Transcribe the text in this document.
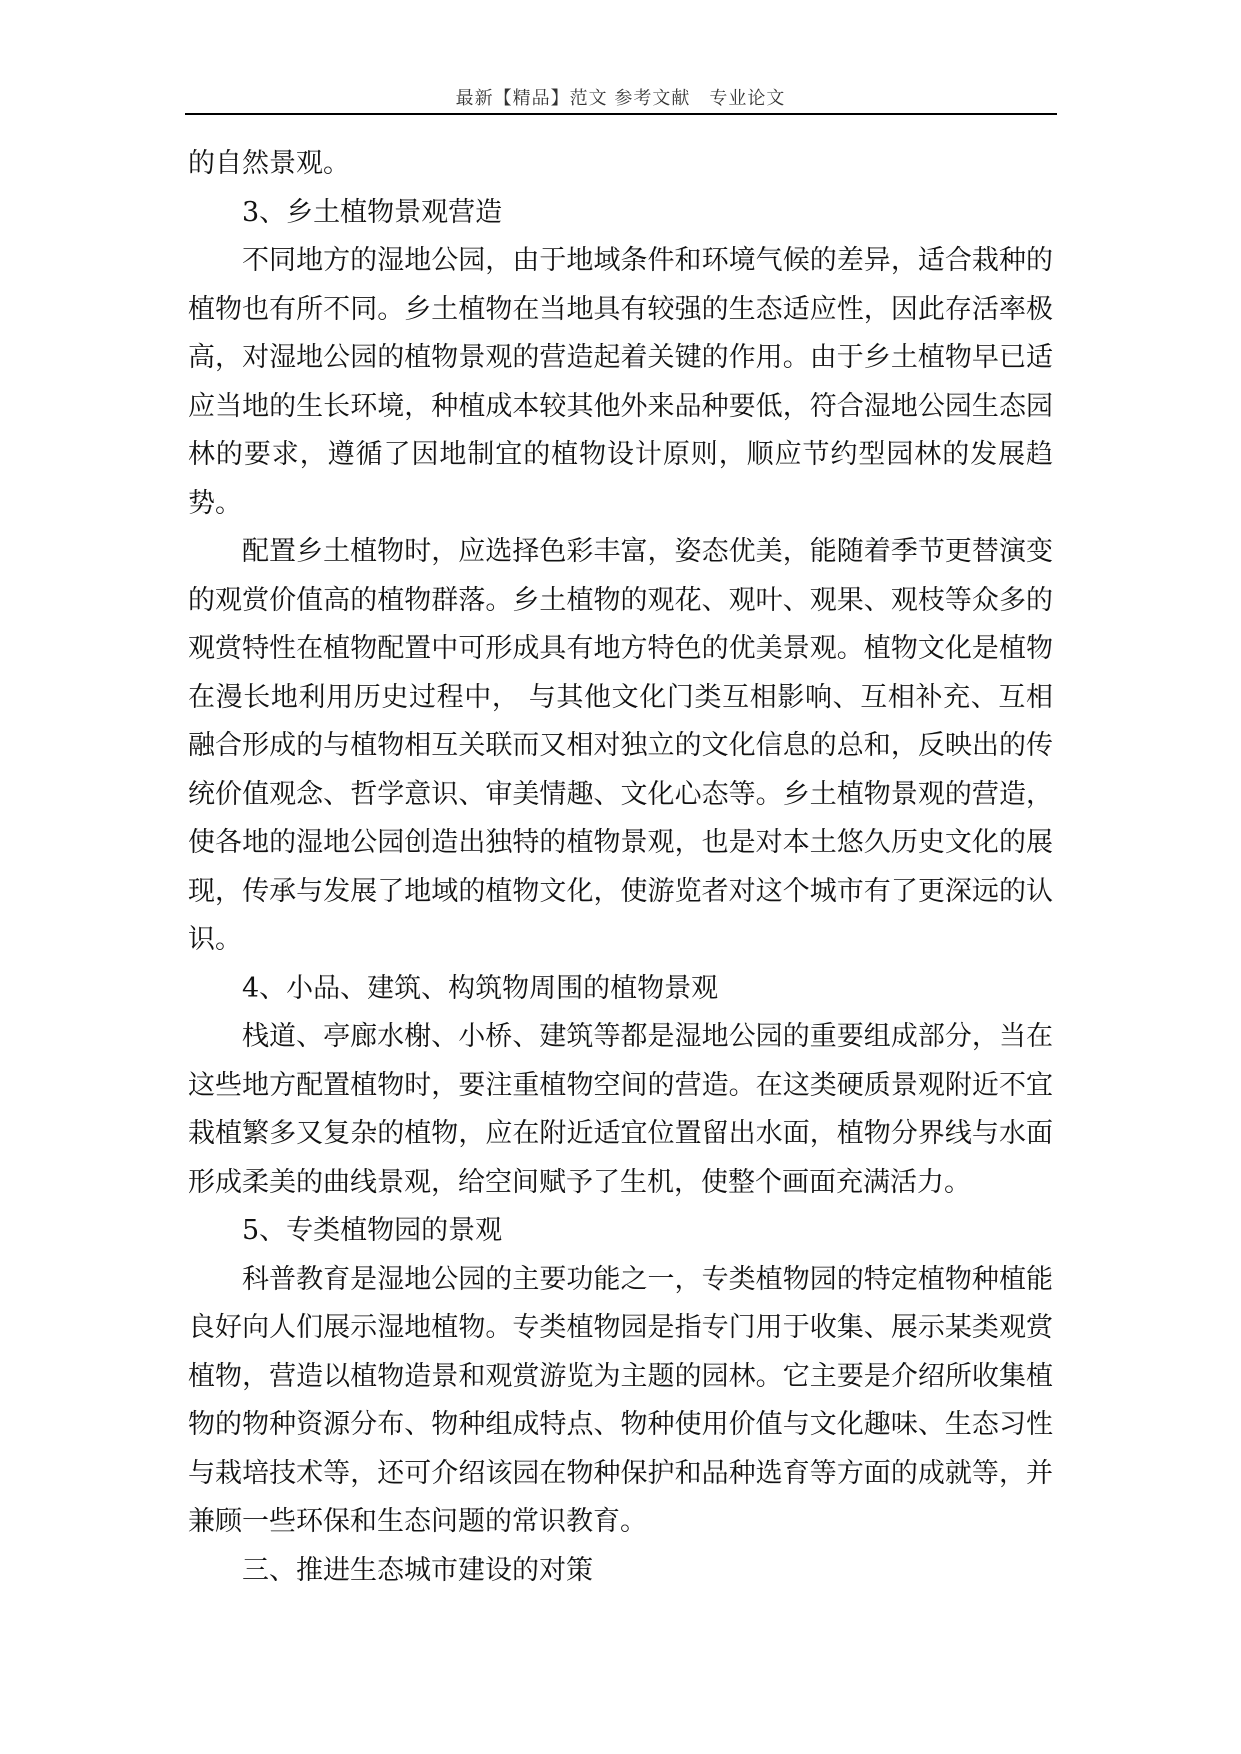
最新【精品】范文 参考文献　专业论文

的自然景观。

3、乡土植物景观营造

不同地方的湿地公园，由于地域条件和环境气候的差异，适合栽种的植物也有所不同。乡土植物在当地具有较强的生态适应性，因此存活率极高，对湿地公园的植物景观的营造起着关键的作用。由于乡土植物早已适应当地的生长环境，种植成本较其他外来品种要低，符合湿地公园生态园林的要求，遵循了因地制宜的植物设计原则，顺应节约型园林的发展趋势。

配置乡土植物时，应选择色彩丰富，姿态优美，能随着季节更替演变的观赏价值高的植物群落。乡土植物的观花、观叶、观果、观枝等众多的观赏特性在植物配置中可形成具有地方特色的优美景观。植物文化是植物在漫长地利用历史过程中， 与其他文化门类互相影响、互相补充、互相融合形成的与植物相互关联而又相对独立的文化信息的总和，反映出的传统价值观念、哲学意识、审美情趣、文化心态等。乡土植物景观的营造，使各地的湿地公园创造出独特的植物景观，也是对本土悠久历史文化的展现，传承与发展了地域的植物文化，使游览者对这个城市有了更深远的认识。

4、小品、建筑、构筑物周围的植物景观

栈道、亭廊水榭、小桥、建筑等都是湿地公园的重要组成部分，当在这些地方配置植物时，要注重植物空间的营造。在这类硬质景观附近不宜栽植繁多又复杂的植物，应在附近适宜位置留出水面，植物分界线与水面形成柔美的曲线景观，给空间赋予了生机，使整个画面充满活力。

5、专类植物园的景观

科普教育是湿地公园的主要功能之一，专类植物园的特定植物种植能良好向人们展示湿地植物。专类植物园是指专门用于收集、展示某类观赏植物，营造以植物造景和观赏游览为主题的园林。它主要是介绍所收集植物的物种资源分布、物种组成特点、物种使用价值与文化趣味、生态习性与栽培技术等，还可介绍该园在物种保护和品种选育等方面的成就等，并兼顾一些环保和生态问题的常识教育。

三、推进生态城市建设的对策
